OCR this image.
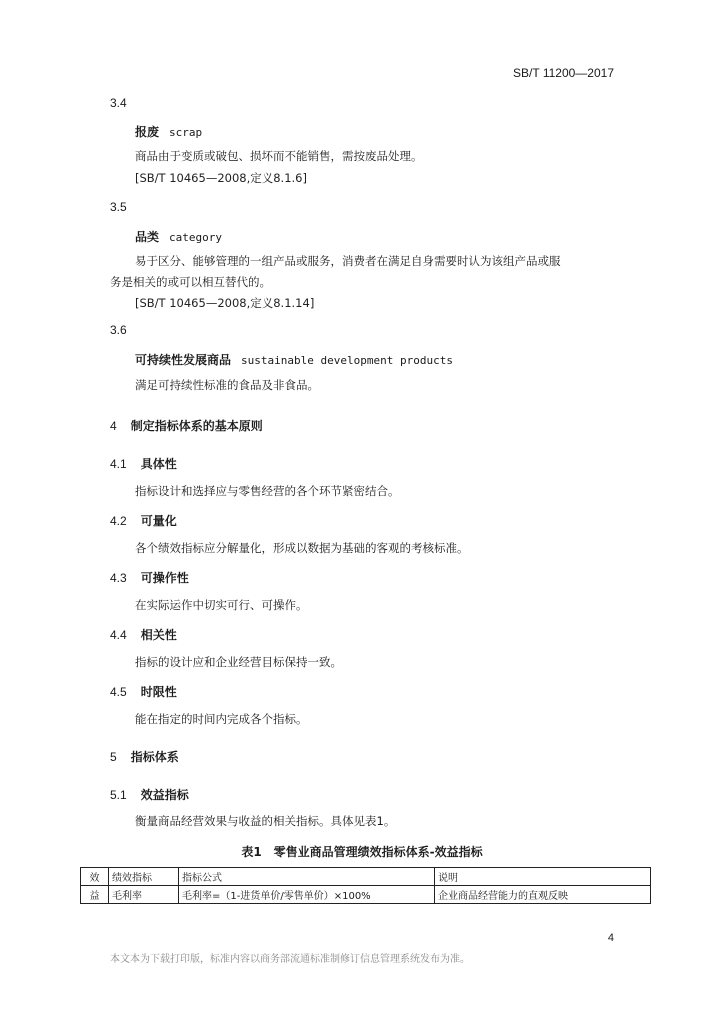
SB/T 11200—2017
3.4
报废 scrap
商品由于变质或破包、损坏而不能销售，需按废品处理。
[SB/T 10465—2008,定义8.1.6]
3.5
品类 category
易于区分、能够管理的一组产品或服务，消费者在满足自身需要时认为该组产品或服
务是相关的或可以相互替代的。
[SB/T 10465—2008,定义8.1.14]
3.6
可持续性发展商品 sustainable development products
满足可持续性标准的食品及非食品。
4 制定指标体系的基本原则
4.1 具体性
指标设计和选择应与零售经营的各个环节紧密结合。
4.2 可量化
各个绩效指标应分解量化，形成以数据为基础的客观的考核标准。
4.3 可操作性
在实际运作中切实可行、可操作。
4.4 相关性
指标的设计应和企业经营目标保持一致。
4.5 时限性
能在指定的时间内完成各个指标。
5 指标体系
5.1 效益指标
衡量商品经营效果与收益的相关指标。具体见表1。
表1　零售业商品管理绩效指标体系-效益指标
效	绩效指标	指标公式	说明
益	毛利率	毛利率=（1-进货单价/零售单价）×100%	企业商品经营能力的直观反映
4
本文本为下载打印版，标准内容以商务部流通标准制修订信息管理系统发布为准。
